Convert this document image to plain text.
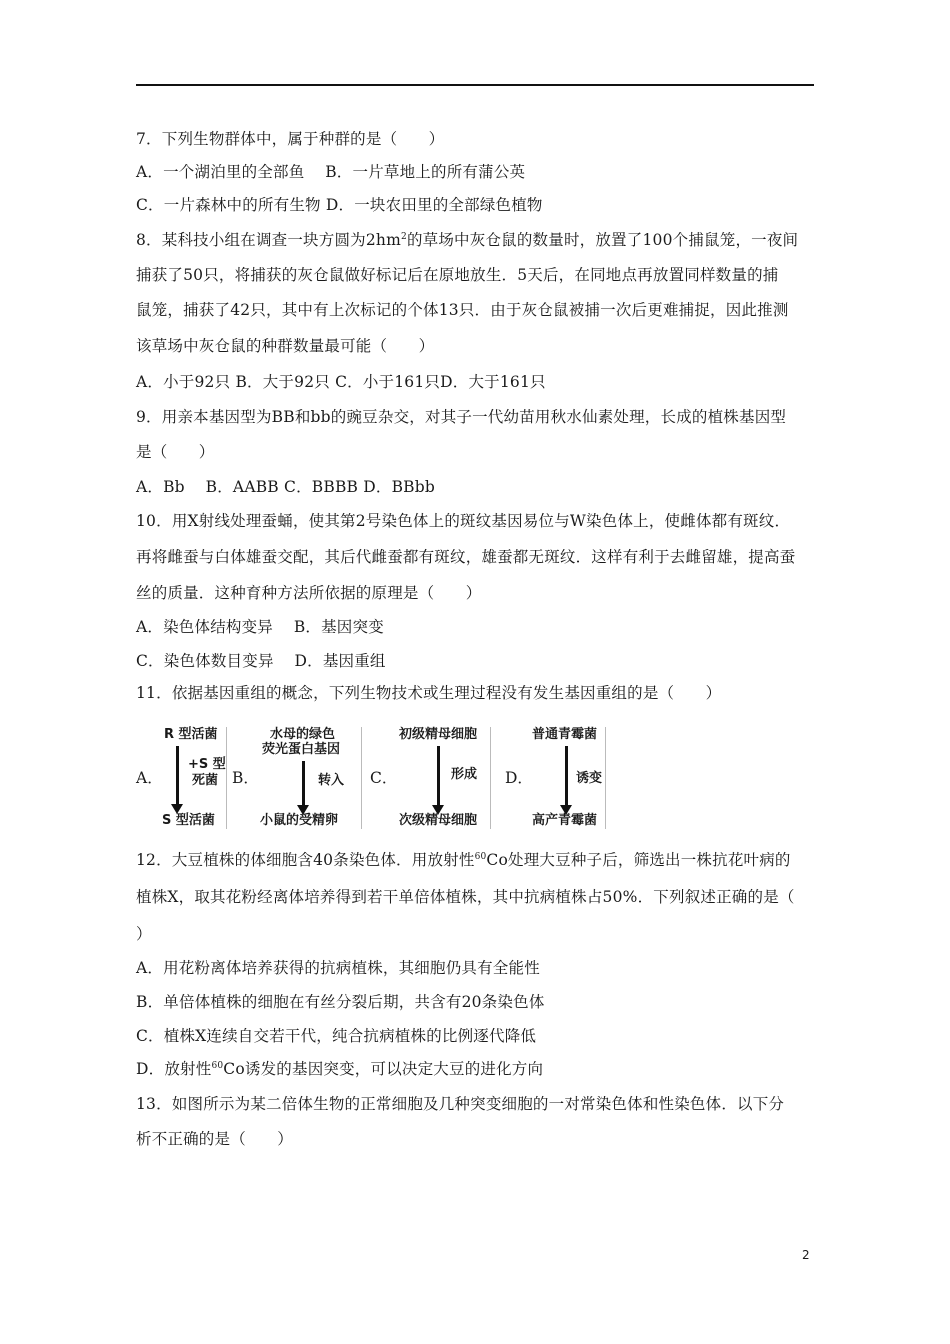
7．下列生物群体中，属于种群的是（　　）
A．一个湖泊里的全部鱼　 B．一片草地上的所有蒲公英
C．一片森林中的所有生物 D．一块农田里的全部绿色植物
8．某科技小组在调查一块方圆为$2hm^2$的草场中灰仓鼠的数量时，放置了100个捕鼠笼，一夜间
捕获了50只，将捕获的灰仓鼠做好标记后在原地放生．5天后，在同地点再放置同样数量的捕
鼠笼，捕获了42只，其中有上次标记的个体13只．由于灰仓鼠被捕一次后更难捕捉，因此推测
该草场中灰仓鼠的种群数量最可能（　　）
A．小于92只 B．大于92只 C．小于161只D．大于161只
9．用亲本基因型为BB和bb的豌豆杂交，对其子一代幼苗用秋水仙素处理，长成的植株基因型
是（　　）
A．Bb　 B．AABB C．BBBB D．BBbb
10．用X射线处理蚕蛹，使其第2号染色体上的斑纹基因易位与W染色体上，使雌体都有斑纹．
再将雌蚕与白体雄蚕交配，其后代雌蚕都有斑纹，雄蚕都无斑纹．这样有利于去雌留雄，提高蚕
丝的质量．这种育种方法所依据的原理是（　　）
A．染色体结构变异　 B．基因突变
C．染色体数目变异　 D．基因重组
11．依据基因重组的概念，下列生物技术或生理过程没有发生基因重组的是（　　）
A．
R 型活菌
+S 型
死菌
S 型活菌
B．
水母的绿色
荧光蛋白基因
转入
小鼠的受精卵
C．
初级精母细胞
形成
次级精母细胞
D．
普通青霉菌
诱变
高产青霉菌
12．大豆植株的体细胞含40条染色体．用放射性$^{60}$Co处理大豆种子后，筛选出一株抗花叶病的
植株X，取其花粉经离体培养得到若干单倍体植株，其中抗病植株占50%．下列叙述正确的是（
）
A．用花粉离体培养获得的抗病植株，其细胞仍具有全能性
B．单倍体植株的细胞在有丝分裂后期，共含有20条染色体
C．植株X连续自交若干代，纯合抗病植株的比例逐代降低
D．放射性$^{60}$Co诱发的基因突变，可以决定大豆的进化方向
13．如图所示为某二倍体生物的正常细胞及几种突变细胞的一对常染色体和性染色体．以下分
析不正确的是（　　）
2
